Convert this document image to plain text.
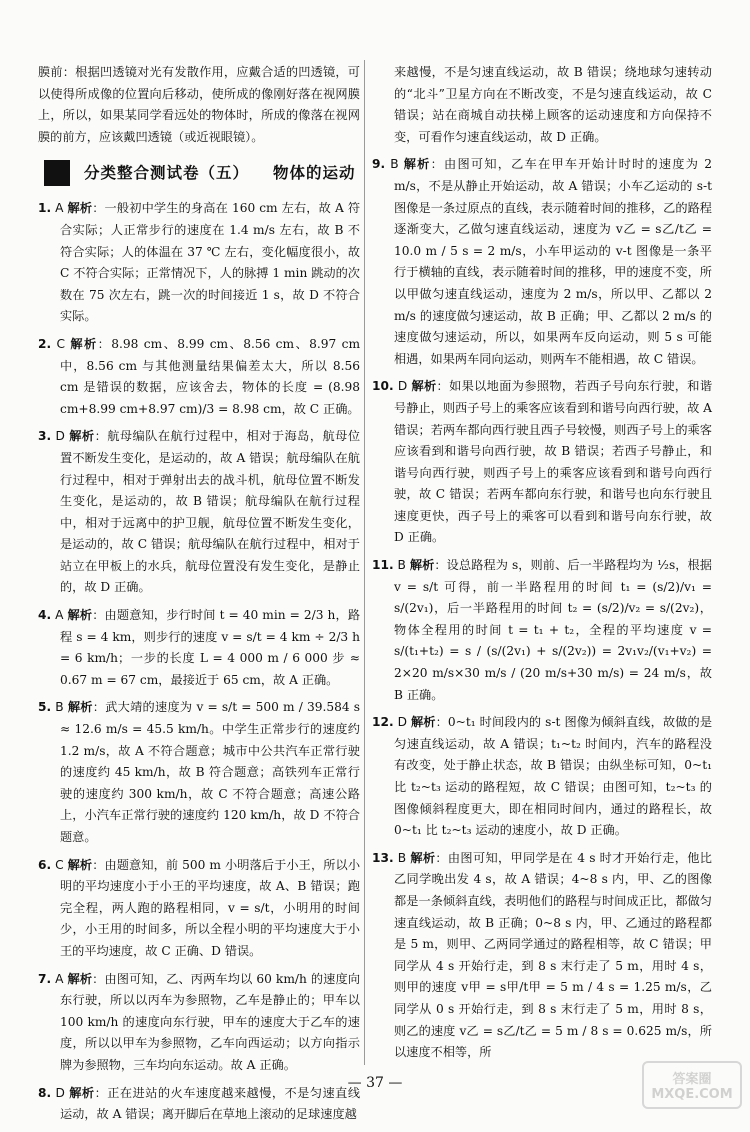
膜前：根据凹透镜对光有发散作用，应戴合适的凹透镜，可以使得所成像的位置向后移动，使所成的像刚好落在视网膜上，所以，如果某同学看远处的物体时，所成的像落在视网膜的前方，应该戴凹透镜（或近视眼镜）。

分类整合测试卷（五） 物体的运动

1. A 解析：一般初中学生的身高在 160 cm 左右，故 A 符合实际；人正常步行的速度在 1.4 m/s 左右，故 B 不符合实际；人的体温在 37 ℃ 左右，变化幅度很小，故 C 不符合实际；正常情况下，人的脉搏 1 min 跳动的次数在 75 次左右，跳一次的时间接近 1 s，故 D 不符合实际。

2. C 解析：8.98 cm、8.99 cm、8.56 cm、8.97 cm 中，8.56 cm 与其他测量结果偏差太大，所以 8.56 cm 是错误的数据，应该舍去，物体的长度 = (8.98 cm+8.99 cm+8.97 cm)/3 = 8.98 cm，故 C 正确。

3. D 解析：航母编队在航行过程中，相对于海岛，航母位置不断发生变化，是运动的，故 A 错误；航母编队在航行过程中，相对于弹射出去的战斗机，航母位置不断发生变化，是运动的，故 B 错误；航母编队在航行过程中，相对于远离中的护卫舰，航母位置不断发生变化，是运动的，故 C 错误；航母编队在航行过程中，相对于站立在甲板上的水兵，航母位置没有发生变化，是静止的，故 D 正确。

4. A 解析：由题意知，步行时间 t = 40 min = 2/3 h，路程 s = 4 km，则步行的速度 v = s/t = 4 km ÷ 2/3 h = 6 km/h；一步的长度 L = 4 000 m / 6 000 步 ≈ 0.67 m = 67 cm，最接近于 65 cm，故 A 正确。

5. B 解析：武大靖的速度为 v = s/t = 500 m / 39.584 s ≈ 12.6 m/s = 45.5 km/h。中学生正常步行的速度约 1.2 m/s，故 A 不符合题意；城市中公共汽车正常行驶的速度约 45 km/h，故 B 符合题意；高铁列车正常行驶的速度约 300 km/h，故 C 不符合题意；高速公路上，小汽车正常行驶的速度约 120 km/h，故 D 不符合题意。

6. C 解析：由题意知，前 500 m 小明落后于小王，所以小明的平均速度小于小王的平均速度，故 A、B 错误；跑完全程，两人跑的路程相同，v = s/t，小明用的时间少，小王用的时间多，所以全程小明的平均速度大于小王的平均速度，故 C 正确、D 错误。

7. A 解析：由图可知，乙、丙两车均以 60 km/h 的速度向东行驶，所以以丙车为参照物，乙车是静止的；甲车以 100 km/h 的速度向东行驶，甲车的速度大于乙车的速度，所以以甲车为参照物，乙车向西运动；以方向指示牌为参照物，三车均向东运动。故 A 正确。

8. D 解析：正在进站的火车速度越来越慢，不是匀速直线运动，故 A 错误；离开脚后在草地上滚动的足球速度越

来越慢，不是匀速直线运动，故 B 错误；绕地球匀速转动的“北斗”卫星方向在不断改变，不是匀速直线运动，故 C 错误；站在商城自动扶梯上顾客的运动速度和方向保持不变，可看作匀速直线运动，故 D 正确。

9. B 解析：由图可知，乙车在甲车开始计时时的速度为 2 m/s，不是从静止开始运动，故 A 错误；小车乙运动的 s-t 图像是一条过原点的直线，表示随着时间的推移，乙的路程逐渐变大，乙做匀速直线运动，速度为 v乙 = s乙/t乙 = 10.0 m / 5 s = 2 m/s，小车甲运动的 v-t 图像是一条平行于横轴的直线，表示随着时间的推移，甲的速度不变，所以甲做匀速直线运动，速度为 2 m/s，所以甲、乙都以 2 m/s 的速度做匀速运动，故 B 正确；甲、乙都以 2 m/s 的速度做匀速运动，所以，如果两车反向运动，则 5 s 可能相遇，如果两车同向运动，则两车不能相遇，故 C 错误。

10. D 解析：如果以地面为参照物，若西子号向东行驶，和谐号静止，则西子号上的乘客应该看到和谐号向西行驶，故 A 错误；若两车都向西行驶且西子号较慢，则西子号上的乘客应该看到和谐号向西行驶，故 B 错误；若西子号静止，和谐号向西行驶，则西子号上的乘客应该看到和谐号向西行驶，故 C 错误；若两车都向东行驶，和谐号也向东行驶且速度更快，西子号上的乘客可以看到和谐号向东行驶，故 D 正确。

11. B 解析：设总路程为 s，则前、后一半路程均为 ½s，根据 v = s/t 可得，前一半路程用的时间 t₁ = (s/2)/v₁ = s/(2v₁)，后一半路程用的时间 t₂ = (s/2)/v₂ = s/(2v₂)，物体全程用的时间 t = t₁ + t₂，全程的平均速度 v = s/(t₁+t₂) = s / (s/(2v₁) + s/(2v₂)) = 2v₁v₂/(v₁+v₂) = 2×20 m/s×30 m/s / (20 m/s+30 m/s) = 24 m/s，故 B 正确。

12. D 解析：0~t₁ 时间段内的 s-t 图像为倾斜直线，故做的是匀速直线运动，故 A 错误；t₁~t₂ 时间内，汽车的路程没有改变，处于静止状态，故 B 错误；由纵坐标可知，0~t₁ 比 t₂~t₃ 运动的路程短，故 C 错误；由图可知，t₂~t₃ 的图像倾斜程度更大，即在相同时间内，通过的路程长，故 0~t₁ 比 t₂~t₃ 运动的速度小，故 D 正确。

13. B 解析：由图可知，甲同学是在 4 s 时才开始行走，他比乙同学晚出发 4 s，故 A 错误；4~8 s 内，甲、乙的图像都是一条倾斜直线，表明他们的路程与时间成正比，都做匀速直线运动，故 B 正确；0~8 s 内，甲、乙通过的路程都是 5 m，则甲、乙两同学通过的路程相等，故 C 错误；甲同学从 4 s 开始行走，到 8 s 末行走了 5 m，用时 4 s，则甲的速度 v甲 = s甲/t甲 = 5 m / 4 s = 1.25 m/s，乙同学从 0 s 开始行走，到 8 s 末行走了 5 m，用时 8 s，则乙的速度 v乙 = s乙/t乙 = 5 m / 8 s = 0.625 m/s，所以速度不相等，所

— 37 —	答案圈
MXQE.COM
